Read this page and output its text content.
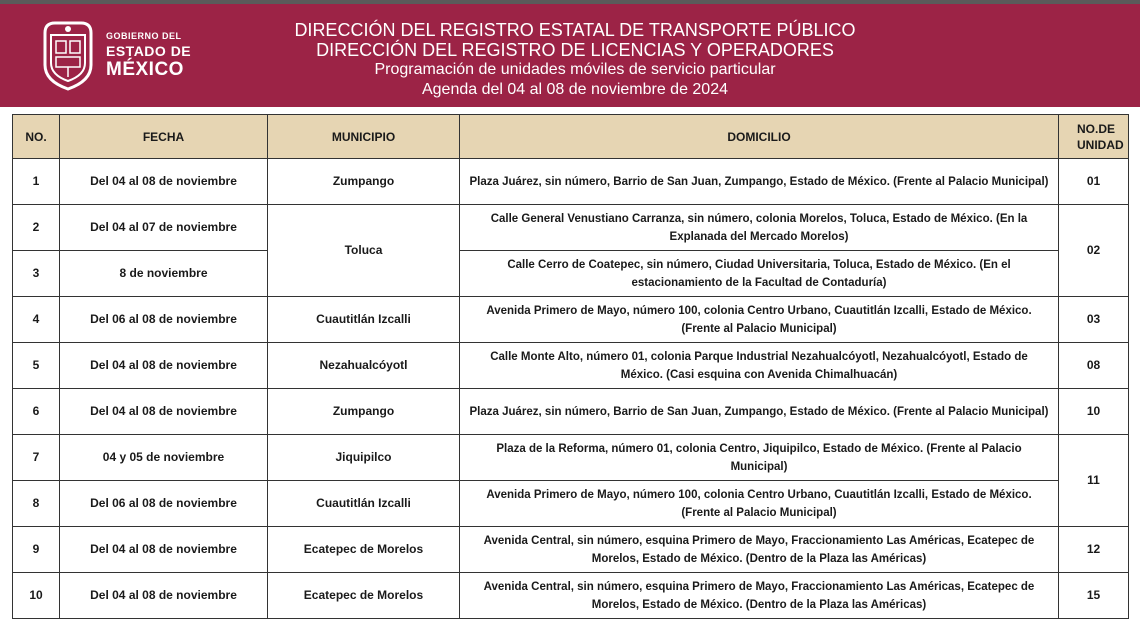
GOBIERNO DEL
ESTADO DE
MÉXICO
DIRECCIÓN DEL REGISTRO ESTATAL DE TRANSPORTE PÚBLICO
DIRECCIÓN DEL REGISTRO DE LICENCIAS Y OPERADORES
Programación de unidades móviles de servicio particular
Agenda del 04 al 08 de noviembre de 2024
NO.	FECHA	MUNICIPIO	DOMICILIO	NO.DE UNIDAD
1	Del 04 al 08 de noviembre	Zumpango	Plaza Juárez, sin número, Barrio de San Juan, Zumpango, Estado de México. (Frente al Palacio Municipal)	01
2	Del 04 al 07 de noviembre	Toluca	Calle General Venustiano Carranza, sin número, colonia Morelos, Toluca, Estado de México. (En la Explanada del Mercado Morelos)	02
3	8 de noviembre		Calle Cerro de Coatepec, sin número, Ciudad Universitaria, Toluca, Estado de México. (En el estacionamiento de la Facultad de Contaduría)	
4	Del 06 al 08 de noviembre	Cuautitlán Izcalli	Avenida Primero de Mayo, número 100, colonia Centro Urbano, Cuautitlán Izcalli, Estado de México. (Frente al Palacio Municipal)	03
5	Del 04 al 08 de noviembre	Nezahualcóyotl	Calle Monte Alto, número 01, colonia Parque Industrial Nezahualcóyotl, Nezahualcóyotl, Estado de México. (Casi esquina con Avenida Chimalhuacán)	08
6	Del 04 al 08 de noviembre	Zumpango	Plaza Juárez, sin número, Barrio de San Juan, Zumpango, Estado de México. (Frente al Palacio Municipal)	10
7	04 y 05 de noviembre	Jiquipilco	Plaza de la Reforma, número 01, colonia Centro, Jiquipilco, Estado de México. (Frente al Palacio Municipal)	11
8	Del 06 al 08 de noviembre	Cuautitlán Izcalli	Avenida Primero de Mayo, número 100, colonia Centro Urbano, Cuautitlán Izcalli, Estado de México. (Frente al Palacio Municipal)	
9	Del 04 al 08 de noviembre	Ecatepec de Morelos	Avenida Central, sin número, esquina Primero de Mayo, Fraccionamiento Las Américas, Ecatepec de Morelos, Estado de México. (Dentro de la Plaza las Américas)	12
10	Del 04 al 08 de noviembre	Ecatepec de Morelos	Avenida Central, sin número, esquina Primero de Mayo, Fraccionamiento Las Américas, Ecatepec de Morelos, Estado de México. (Dentro de la Plaza las Américas)	15
